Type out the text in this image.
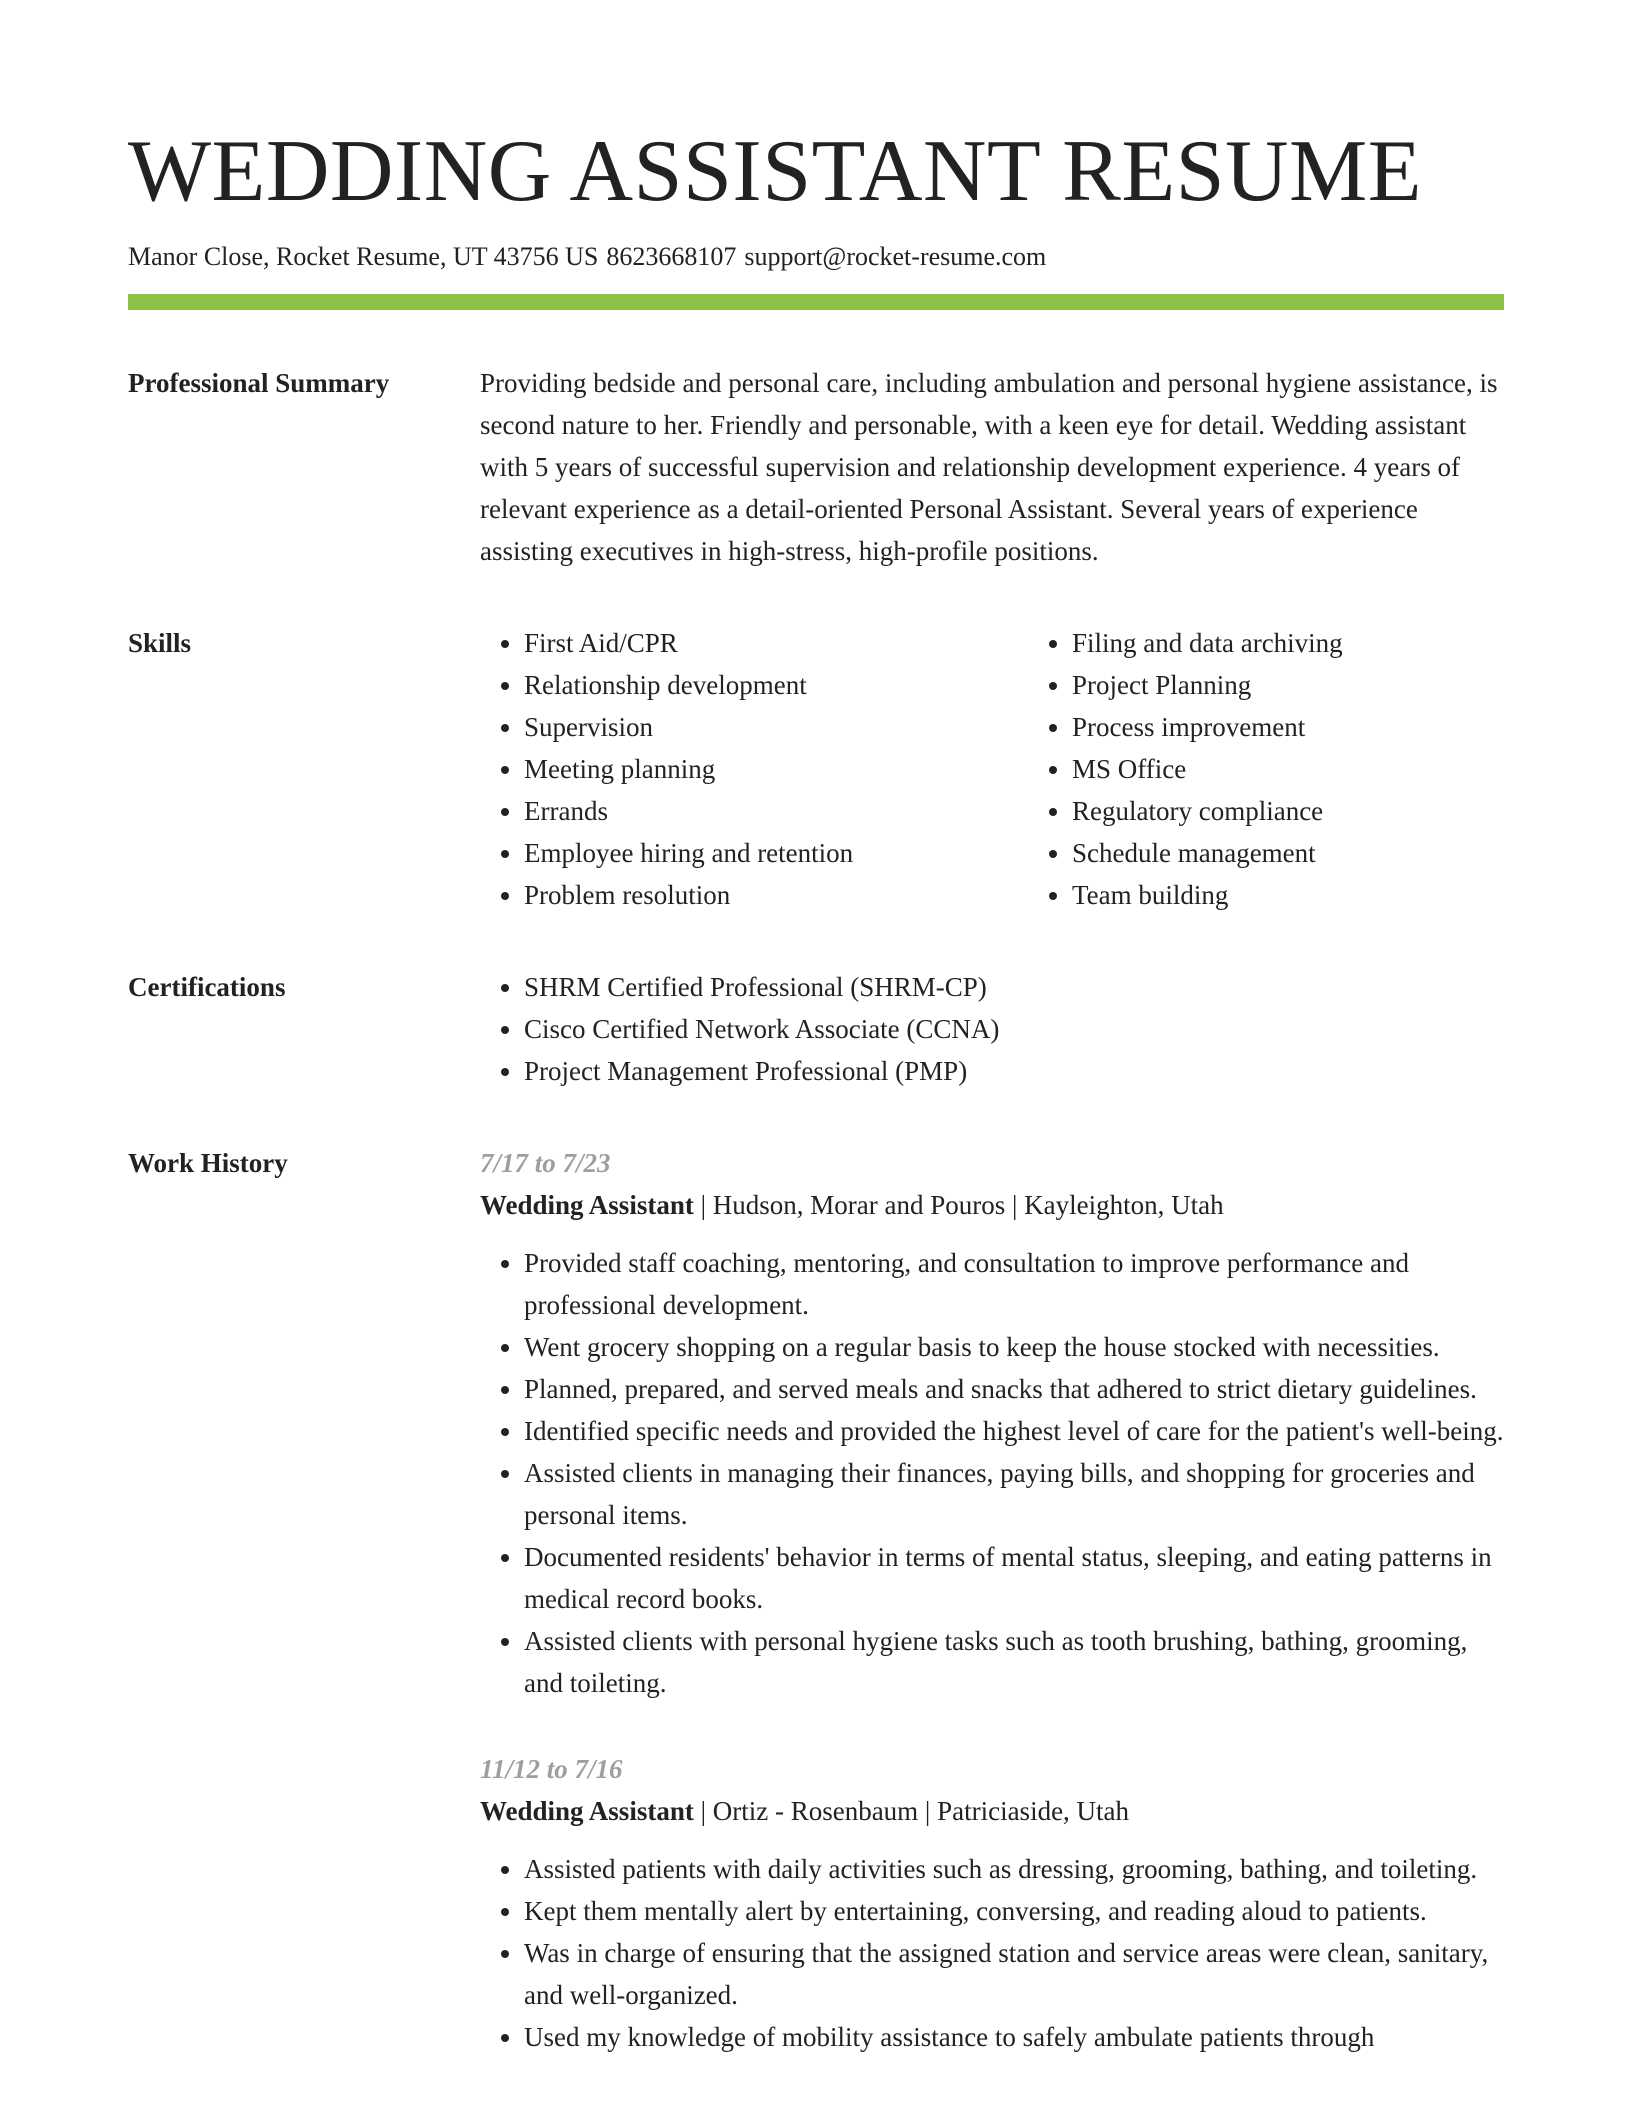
WEDDING ASSISTANT RESUME
Manor Close, Rocket Resume, UT 43756 US 8623668107 support@rocket-resume.com
Professional Summary	Providing bedside and personal care, including ambulation and personal hygiene assistance, is second nature to her. Friendly and personable, with a keen eye for detail. Wedding assistant with 5 years of successful supervision and relationship development experience. 4 years of relevant experience as a detail-oriented Personal Assistant. Several years of experience assisting executives in high-stress, high-profile positions.

Skills	• First Aid/CPR
• Relationship development
• Supervision
• Meeting planning
• Errands
• Employee hiring and retention
• Problem resolution
• Filing and data archiving
• Project Planning
• Process improvement
• MS Office
• Regulatory compliance
• Schedule management
• Team building
Certifications	• SHRM Certified Professional (SHRM-CP)
• Cisco Certified Network Associate (CCNA)
• Project Management Professional (PMP)
Work History	7/17 to 7/23
Wedding Assistant | Hudson, Morar and Pouros | Kayleighton, Utah
• Provided staff coaching, mentoring, and consultation to improve performance and professional development.
• Went grocery shopping on a regular basis to keep the house stocked with necessities.
• Planned, prepared, and served meals and snacks that adhered to strict dietary guidelines.
• Identified specific needs and provided the highest level of care for the patient's well-being.
• Assisted clients in managing their finances, paying bills, and shopping for groceries and personal items.
• Documented residents' behavior in terms of mental status, sleeping, and eating patterns in medical record books.
• Assisted clients with personal hygiene tasks such as tooth brushing, bathing, grooming, and toileting.
11/12 to 7/16
Wedding Assistant | Ortiz - Rosenbaum | Patriciaside, Utah
• Assisted patients with daily activities such as dressing, grooming, bathing, and toileting.
• Kept them mentally alert by entertaining, conversing, and reading aloud to patients.
• Was in charge of ensuring that the assigned station and service areas were clean, sanitary, and well-organized.
• Used my knowledge of mobility assistance to safely ambulate patients through
